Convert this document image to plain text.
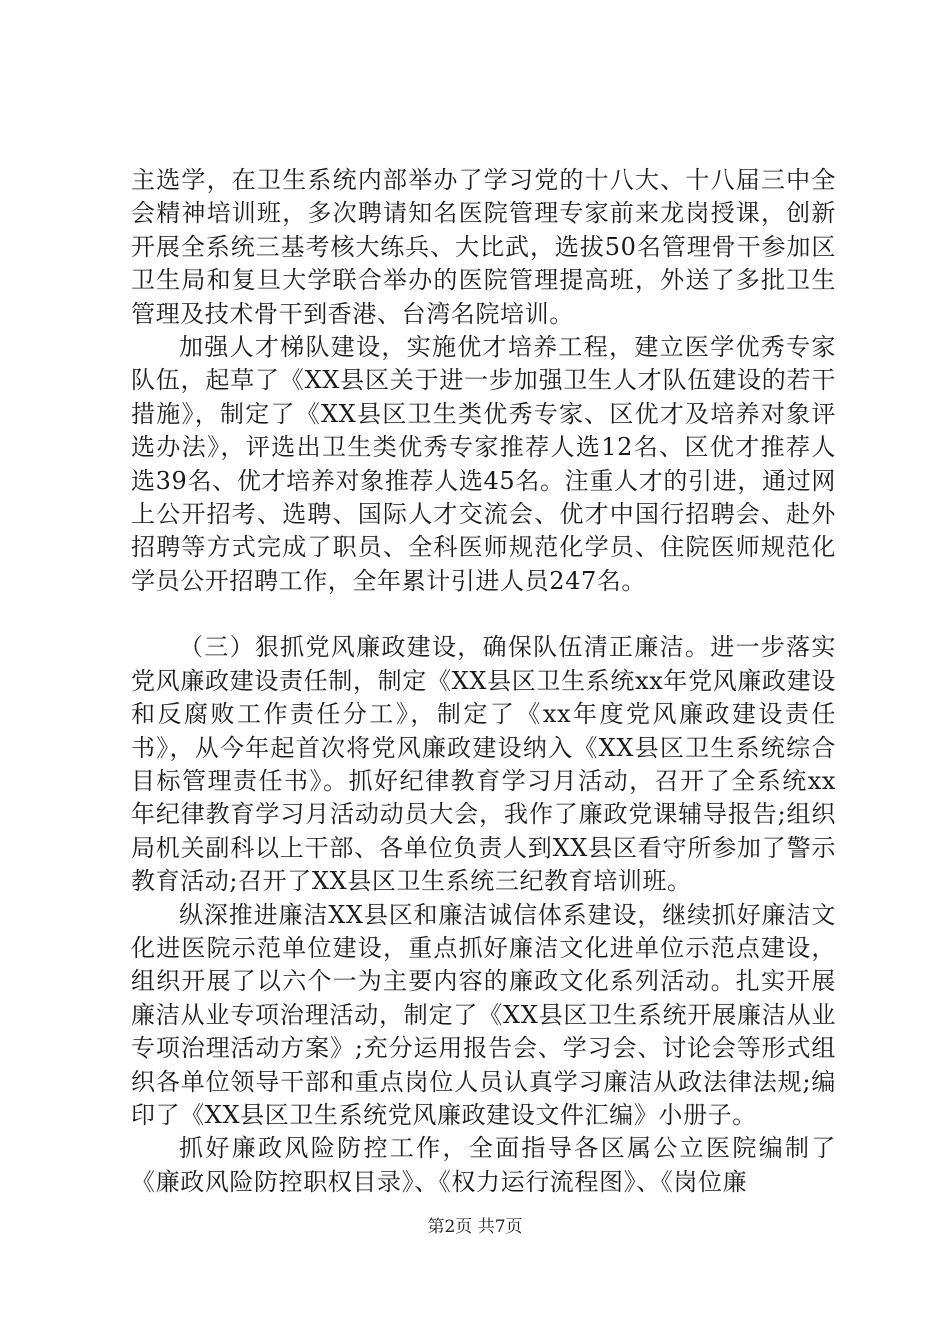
主选学，在卫生系统内部举办了学习党的十八大、十八届三中全会精神培训班，多次聘请知名医院管理专家前来龙岗授课，创新开展全系统三基考核大练兵、大比武，选拔50名管理骨干参加区卫生局和复旦大学联合举办的医院管理提高班，外送了多批卫生管理及技术骨干到香港、台湾名院培训。

加强人才梯队建设，实施优才培养工程，建立医学优秀专家队伍，起草了《XX县区关于进一步加强卫生人才队伍建设的若干措施》，制定了《XX县区卫生类优秀专家、区优才及培养对象评选办法》，评选出卫生类优秀专家推荐人选12名、区优才推荐人选39名、优才培养对象推荐人选45名。注重人才的引进，通过网上公开招考、选聘、国际人才交流会、优才中国行招聘会、赴外招聘等方式完成了职员、全科医师规范化学员、住院医师规范化学员公开招聘工作，全年累计引进人员247名。

（三）狠抓党风廉政建设，确保队伍清正廉洁。进一步落实党风廉政建设责任制，制定《XX县区卫生系统xx年党风廉政建设和反腐败工作责任分工》，制定了《xx年度党风廉政建设责任书》，从今年起首次将党风廉政建设纳入《XX县区卫生系统综合目标管理责任书》。抓好纪律教育学习月活动，召开了全系统xx年纪律教育学习月活动动员大会，我作了廉政党课辅导报告;组织局机关副科以上干部、各单位负责人到XX县区看守所参加了警示教育活动;召开了XX县区卫生系统三纪教育培训班。

纵深推进廉洁XX县区和廉洁诚信体系建设，继续抓好廉洁文化进医院示范单位建设，重点抓好廉洁文化进单位示范点建设，组织开展了以六个一为主要内容的廉政文化系列活动。扎实开展廉洁从业专项治理活动，制定了《XX县区卫生系统开展廉洁从业专项治理活动方案》;充分运用报告会、学习会、讨论会等形式组织各单位领导干部和重点岗位人员认真学习廉洁从政法律法规;编印了《XX县区卫生系统党风廉政建设文件汇编》小册子。

抓好廉政风险防控工作，全面指导各区属公立医院编制了《廉政风险防控职权目录》、《权力运行流程图》、《岗位廉

第2页 共7页
